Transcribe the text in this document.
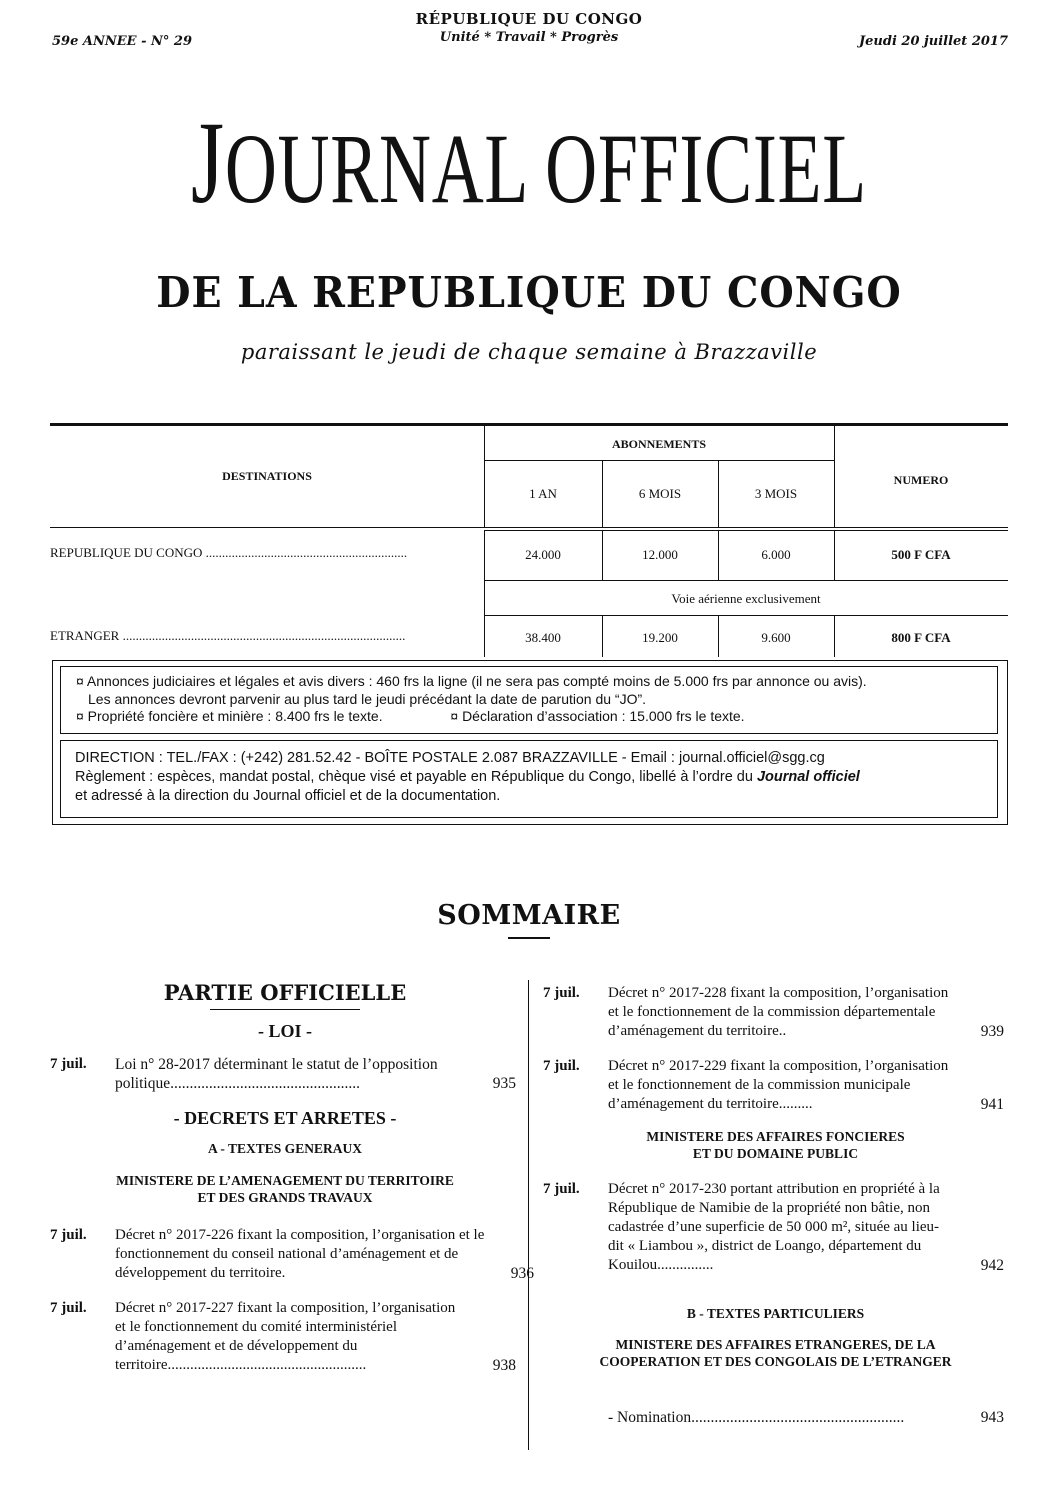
59e ANNEE - N° 29	Jeudi 20 juillet 2017
RÉPUBLIQUE DU CONGO
Unité * Travail * Progrès
JOURNAL OFFICIEL
DE LA REPUBLIQUE DU CONGO
paraissant le jeudi de chaque semaine à Brazzaville
DESTINATIONS
ABONNEMENTS
NUMERO
1 AN	6 MOIS	3 MOIS
REPUBLIQUE DU CONGO ..............................................................	24.000	12.000	6.000	500 F CFA
Voie aérienne exclusivement
ETRANGER .......................................................................................	38.400	19.200	9.600	800 F CFA
¤ Annonces judiciaires et légales et avis divers : 460 frs la ligne (il ne sera pas compté moins de 5.000 frs par annonce ou avis).
Les annonces devront parvenir au plus tard le jeudi précédant la date de parution du “JO”.
¤ Propriété foncière et minière : 8.400 frs le texte.	¤ Déclaration d’association : 15.000 frs le texte.
DIRECTION : TEL./FAX : (+242) 281.52.42 - BOÎTE POSTALE 2.087 BRAZZAVILLE - Email : journal.officiel@sgg.cg
Règlement : espèces, mandat postal, chèque visé et payable en République du Congo, libellé à l’ordre du Journal officiel
et adressé à la direction du Journal officiel et de la documentation.
SOMMAIRE
PARTIE OFFICIELLE
- LOI -
7 juil. Loi n° 28-2017 déterminant le statut de l’opposition politique.................................................	935
- DECRETS ET ARRETES -
A - TEXTES GENERAUX
MINISTERE DE L’AMENAGEMENT DU TERRITOIRE
ET DES GRANDS TRAVAUX
7 juil. Décret n° 2017-226 fixant la composition, l’organisation et le fonctionnement du conseil national d’aménagement et de développement du territoire.	936
7 juil. Décret n° 2017-227 fixant la composition, l’organisation et le fonctionnement du comité interministériel d’aménagement et de développement du territoire.....................................................	938
7 juil. Décret n° 2017-228 fixant la composition, l’organisation et le fonctionnement de la commission départementale d’aménagement du territoire..	939
7 juil. Décret n° 2017-229 fixant la composition, l’organisation et le fonctionnement de la commission municipale d’aménagement du territoire.........	941
MINISTERE DES AFFAIRES FONCIERES
ET DU DOMAINE PUBLIC
7 juil. Décret n° 2017-230 portant attribution en propriété à la République de Namibie de la propriété non bâtie, non cadastrée d’une superficie de 50 000 m², située au lieu-dit « Liambou », district de Loango, département du Kouilou...............	942
B - TEXTES PARTICULIERS
MINISTERE DES AFFAIRES ETRANGERES, DE LA
COOPERATION ET DES CONGOLAIS DE L’ETRANGER
- Nomination.......................................................	943
